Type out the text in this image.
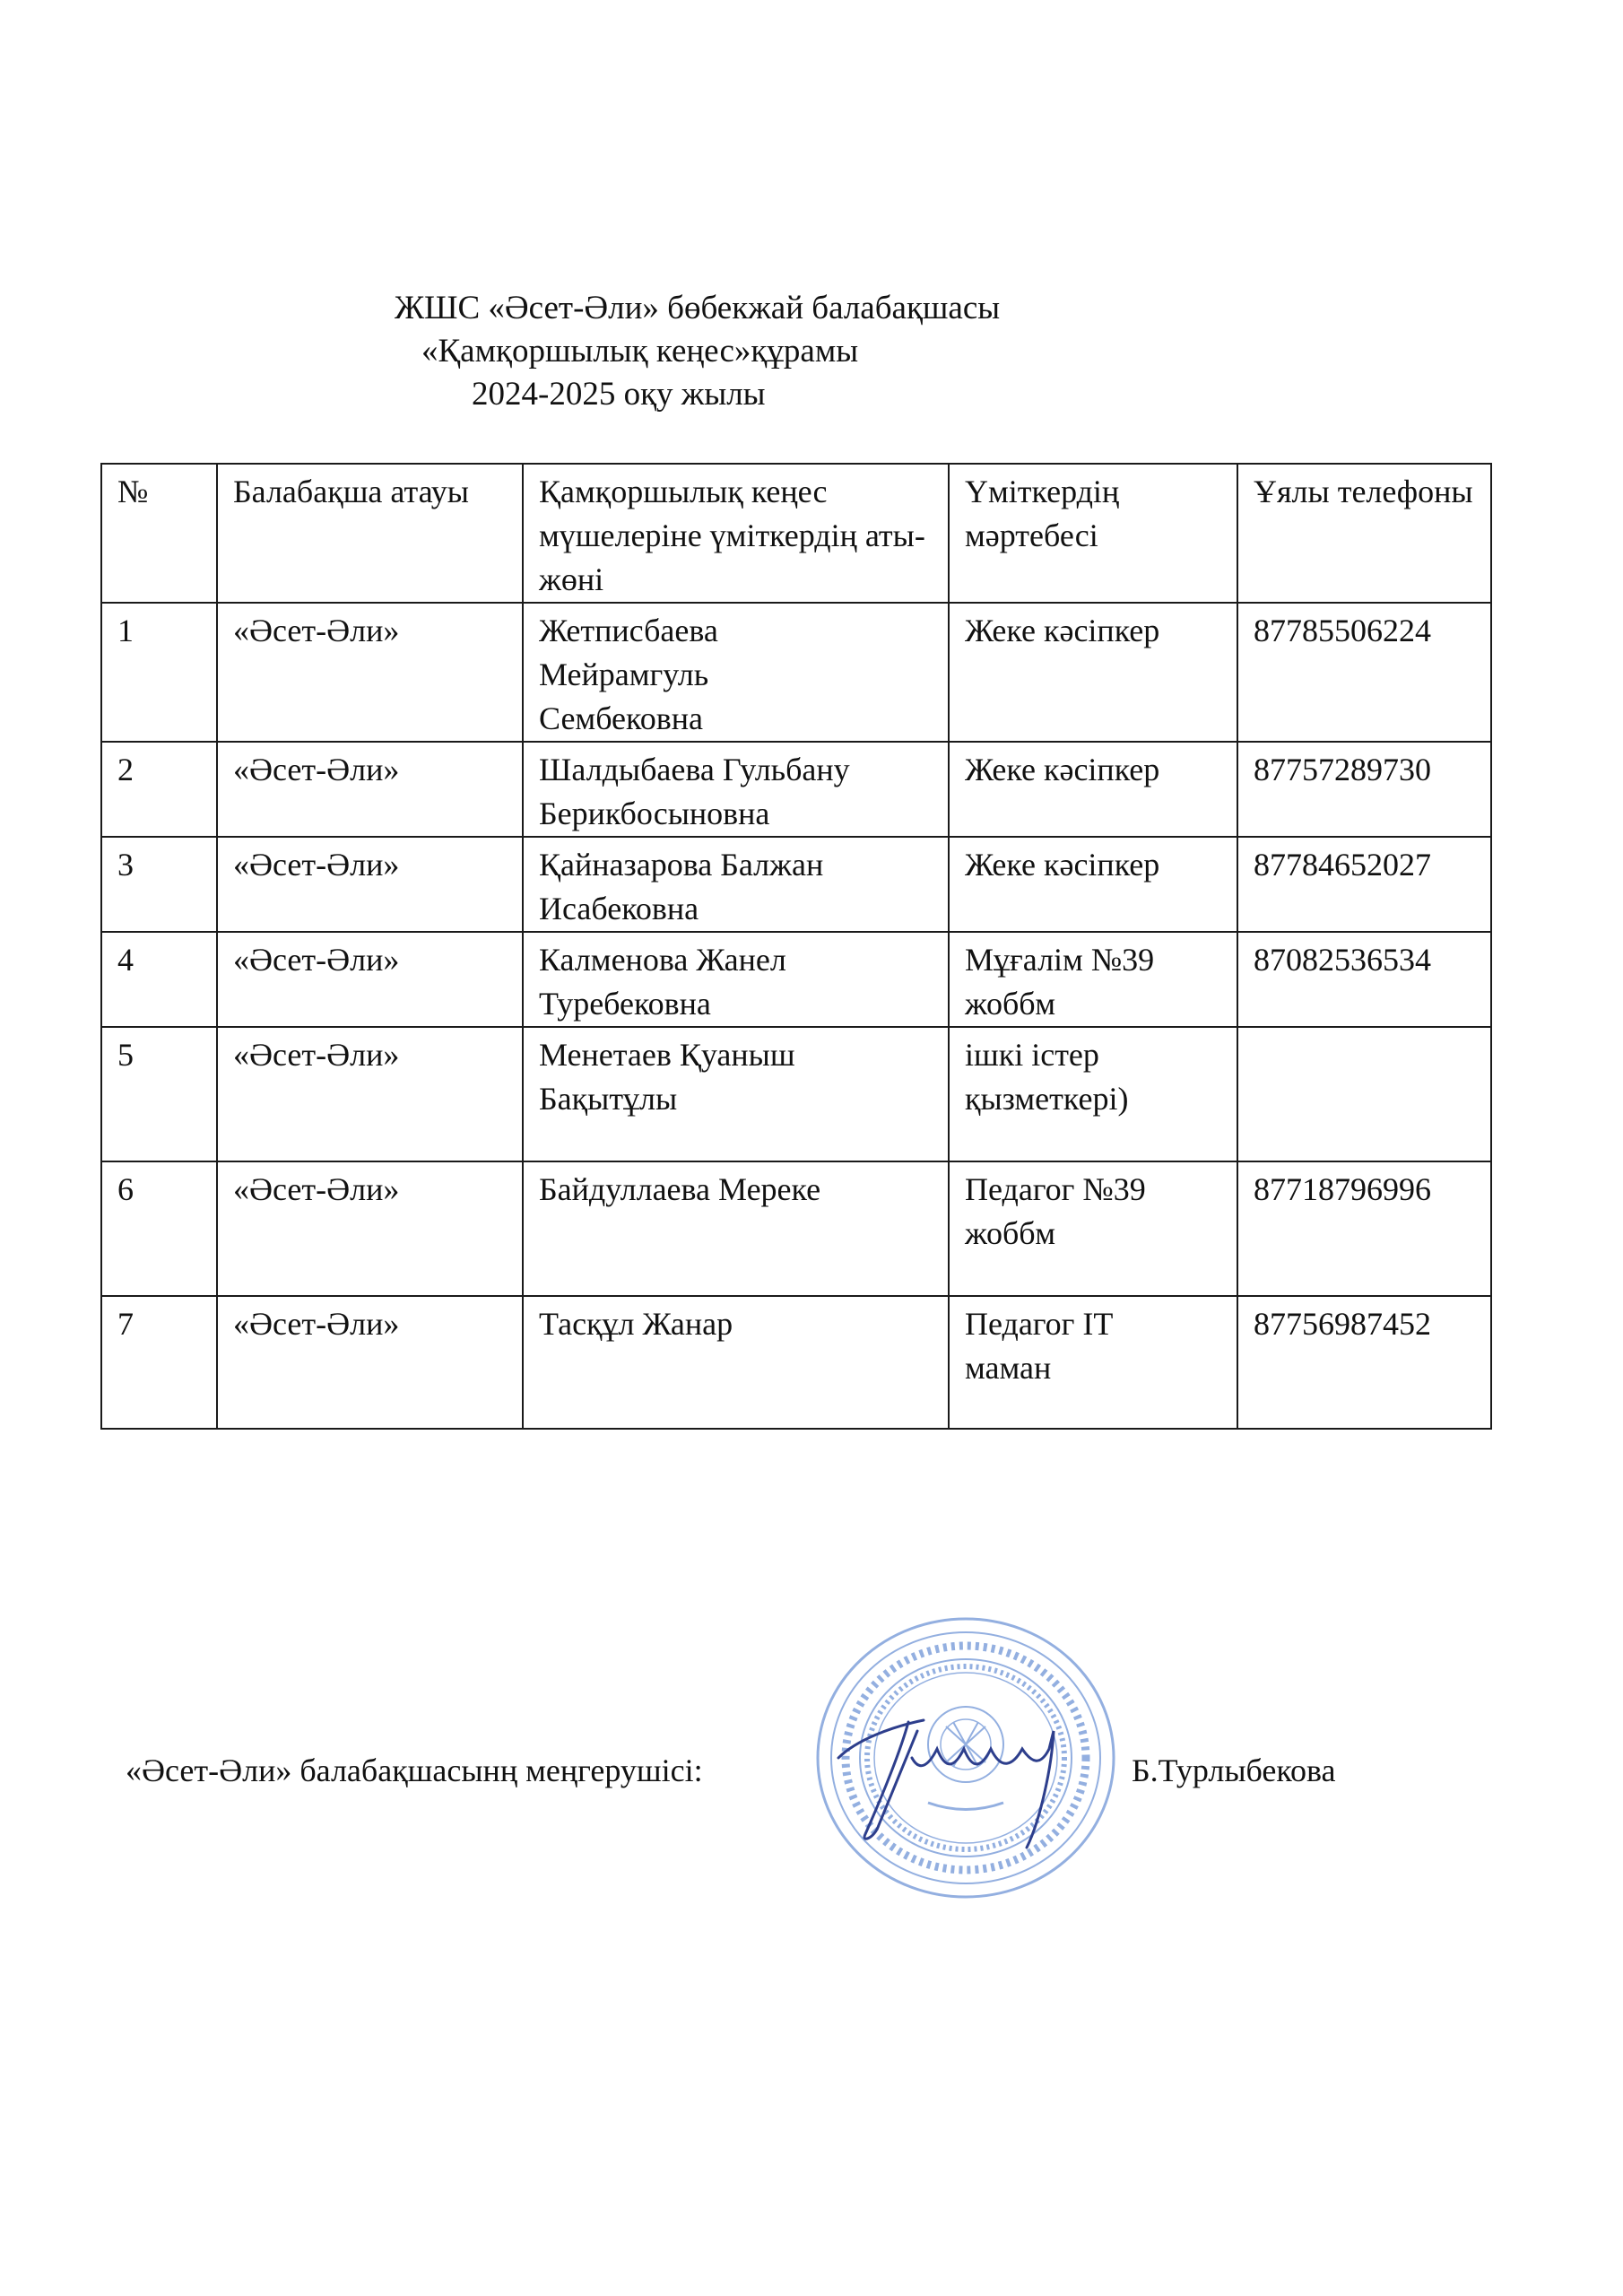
ЖШС «Әсет-Әли» бөбекжай балабақшасы
«Қамқоршылық кеңес»құрамы
2024-2025 оқу жылы
№	Балабақша атауы	Қамқоршылық кеңес мүшелеріне үміткердің аты-жөні	Үміткердің мәртебесі	Ұялы телефоны
1	«Әсет-Әли»	Жетписбаева Мейрамгуль Сембековна	Жеке кәсіпкер	87785506224
2	«Әсет-Әли»	Шалдыбаева Гульбану Берикбосыновна	Жеке кәсіпкер	87757289730
3	«Әсет-Әли»	Қайназарова Балжан Исабековна	Жеке кәсіпкер	87784652027
4	«Әсет-Әли»	Калменова Жанел Туребековна	Мұғалім №39 жоббм	87082536534
5	«Әсет-Әли»	Менетаев Қуаныш Бақытұлы	ішкі істер қызметкері)	
6	«Әсет-Әли»	Байдуллаева Мереке	Педагог №39 жоббм	87718796996
7	«Әсет-Әли»	Тасқұл Жанар	Педагог IT маман	87756987452
«Әсет-Әли» балабақшасынң меңгерушісі:	Б.Турлыбекова
